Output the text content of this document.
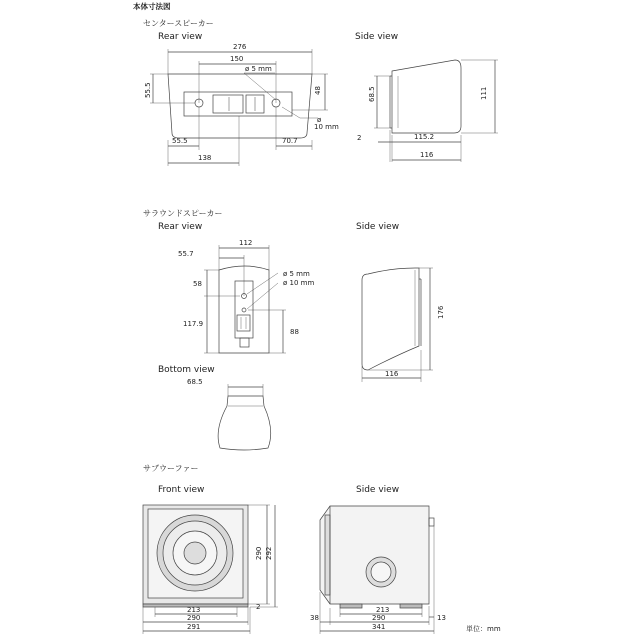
本体寸法図
センタースピーカー
Rear view	Side view
サラウンドスピーカー
Rear view	Side view
Bottom view
サブウーファー
Front view	Side view
単位：mm
276
150
55.5	48
ø 5 mm
ø
10 mm
55.5	70.7
138
68.5	111
2	115.2
116
112
55.7
58
ø 5 mm
ø 10 mm
117.9
88
176
116
68.5
290 292
2
213
290
291
38
213
290	13
341
